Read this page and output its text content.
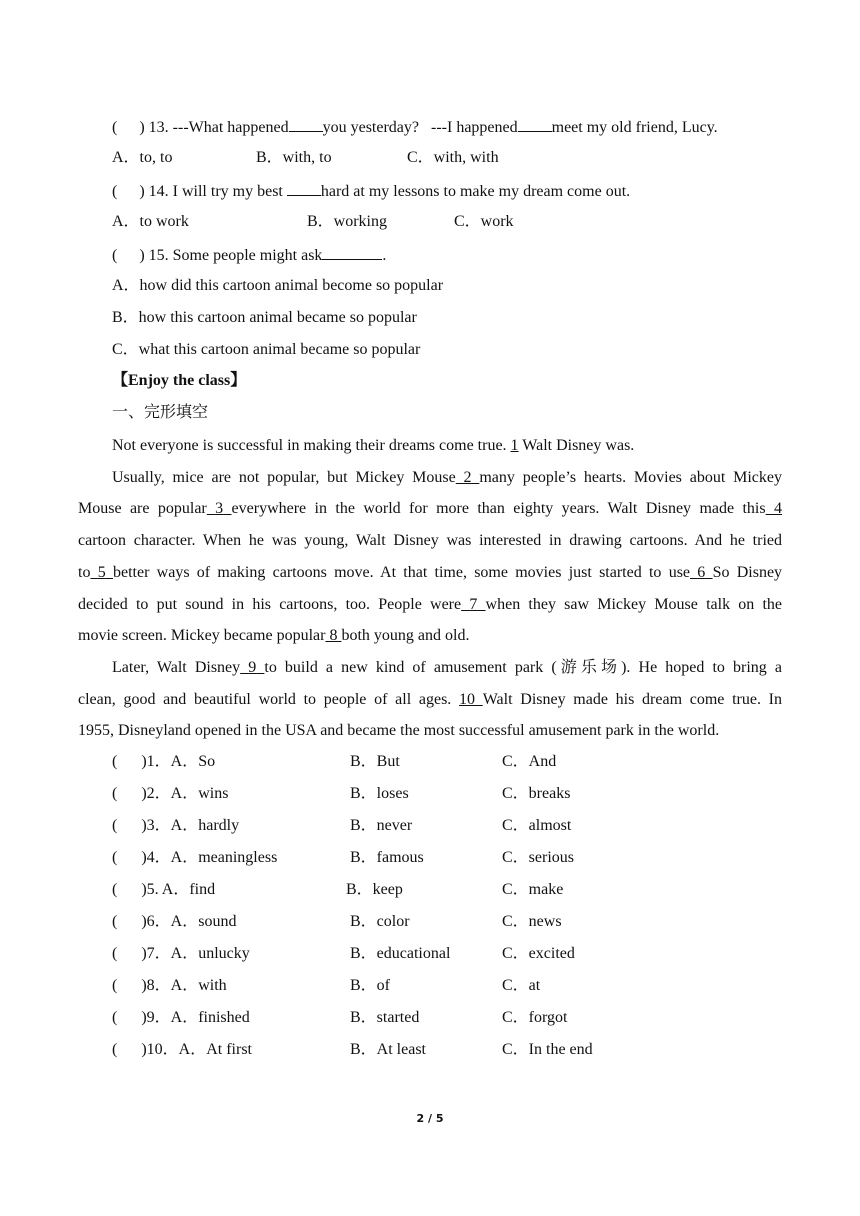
( ) 13. ---What happened you yesterday? ---I happened meet my old friend, Lucy.
A．to, to	B．with, to	C．with, with
( ) 14. I will try my best hard at my lessons to make my dream come out.
A．to work	B．working	C．work
( ) 15. Some people might ask	.
A．how did this cartoon animal become so popular
B．how this cartoon animal became so popular
C．what this cartoon animal became so popular
【Enjoy the class】
一、完形填空
Not everyone is successful in making their dreams come true. 1 Walt Disney was.
Usually, mice are not popular, but Mickey Mouse 2 many people’s hearts. Movies about Mickey
Mouse are popular 3 everywhere in the world for more than eighty years. Walt Disney made this 4
cartoon character. When he was young, Walt Disney was interested in drawing cartoons. And he tried
to 5 better ways of making cartoons move. At that time, some movies just started to use 6 So Disney
decided to put sound in his cartoons, too. People were 7 when they saw Mickey Mouse talk on the
movie screen. Mickey became popular 8 both young and old.
Later, Walt Disney 9 to build a new kind of amusement park (游乐场). He hoped to bring a
clean, good and beautiful world to people of all ages. 10 Walt Disney made his dream come true. In
1955, Disneyland opened in the USA and became the most successful amusement park in the world.
(      )1．A．So	B．But	C．And
(      )2．A．wins	B．loses	C．breaks
(      )3．A．hardly	B．never	C．almost
(      )4．A．meaningless	B．famous	C．serious
(      )5. A．find	B．keep	C．make
(      )6．A．sound	B．color	C．news
(      )7．A．unlucky	B．educational	C．excited
(      )8．A．with	B．of	C．at
(      )9．A．finished	B．started	C．forgot
(      )10．A．At first	B．At least	C．In the end
2 / 5
